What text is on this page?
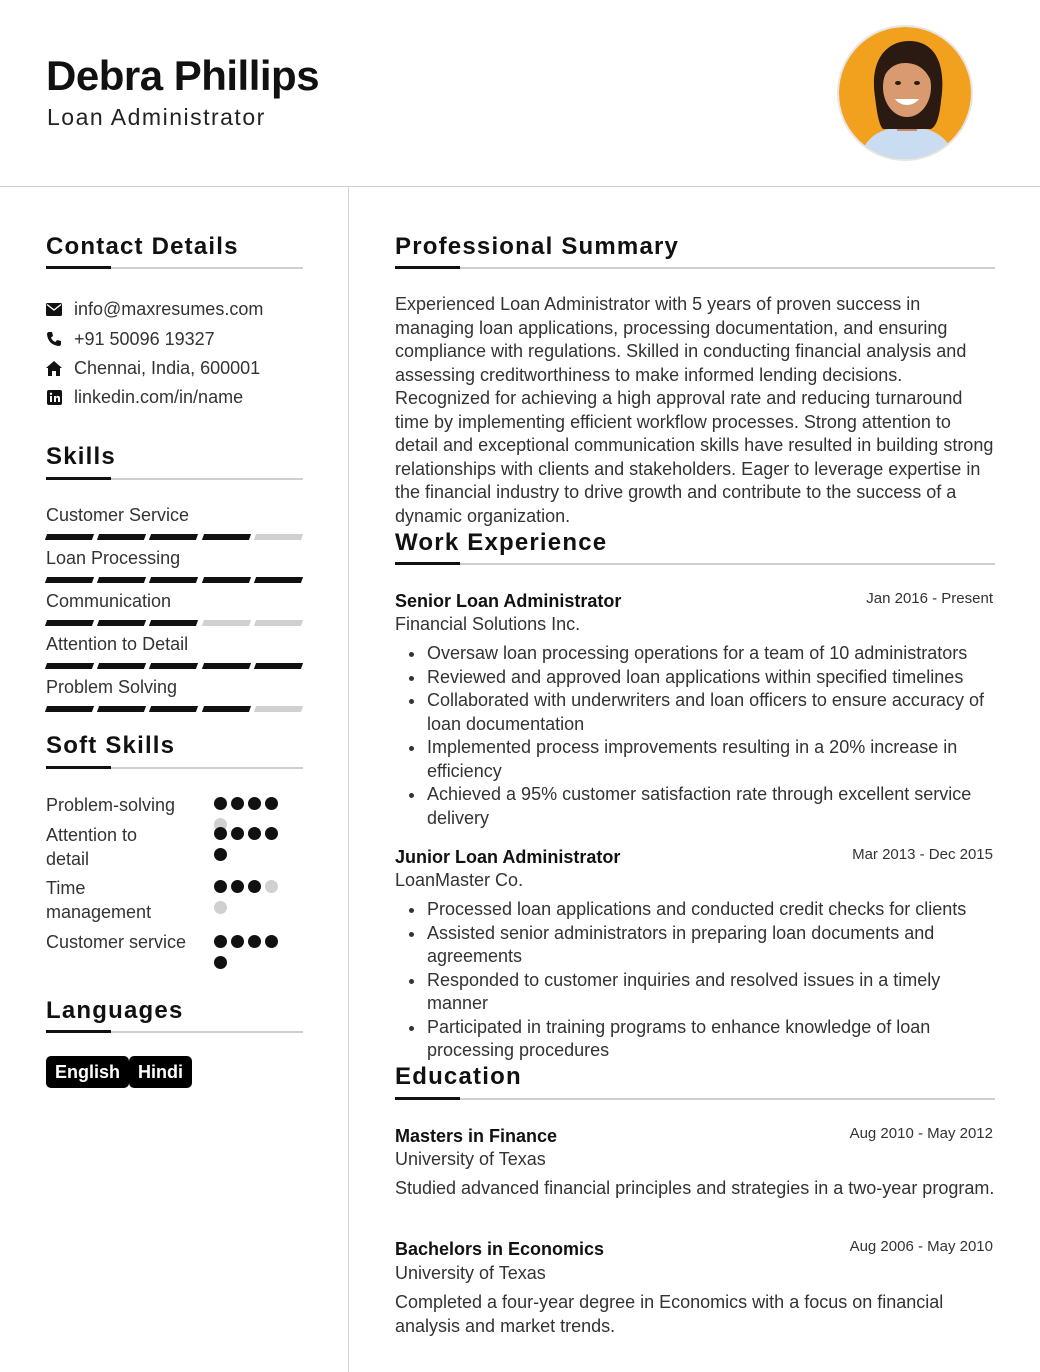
Debra Phillips
Loan Administrator
Contact Details
info@maxresumes.com
+91 50096 19327
Chennai, India, 600001
linkedin.com/in/name
Skills
Customer Service
Loan Processing
Communication
Attention to Detail
Problem Solving
Soft Skills
Problem-solving
Attention to detail
Time management
Customer service
Languages
English Hindi
Professional Summary
Experienced Loan Administrator with 5 years of proven success in managing loan applications, processing documentation, and ensuring compliance with regulations. Skilled in conducting financial analysis and assessing creditworthiness to make informed lending decisions. Recognized for achieving a high approval rate and reducing turnaround time by implementing efficient workflow processes. Strong attention to detail and exceptional communication skills have resulted in building strong relationships with clients and stakeholders. Eager to leverage expertise in the financial industry to drive growth and contribute to the success of a dynamic organization.
Work Experience
Senior Loan Administrator	Jan 2016 - Present
Financial Solutions Inc.
Oversaw loan processing operations for a team of 10 administrators
Reviewed and approved loan applications within specified timelines
Collaborated with underwriters and loan officers to ensure accuracy of loan documentation
Implemented process improvements resulting in a 20% increase in efficiency
Achieved a 95% customer satisfaction rate through excellent service delivery
Junior Loan Administrator	Mar 2013 - Dec 2015
LoanMaster Co.
Processed loan applications and conducted credit checks for clients
Assisted senior administrators in preparing loan documents and agreements
Responded to customer inquiries and resolved issues in a timely manner
Participated in training programs to enhance knowledge of loan processing procedures
Education
Masters in Finance	Aug 2010 - May 2012
University of Texas
Studied advanced financial principles and strategies in a two-year program.
Bachelors in Economics	Aug 2006 - May 2010
University of Texas
Completed a four-year degree in Economics with a focus on financial analysis and market trends.
